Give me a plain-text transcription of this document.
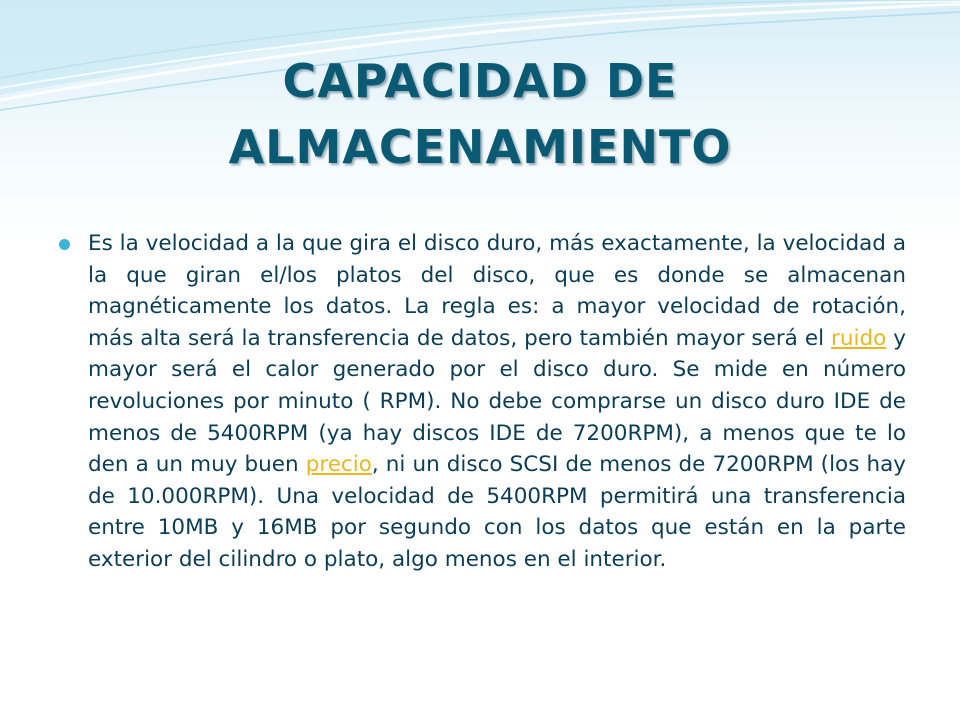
CAPACIDAD DE
ALMACENAMIENTO

Es la velocidad a la que gira el disco duro, más exactamente, la velocidad a la que giran el/los platos del disco, que es donde se almacenan magnéticamente los datos. La regla es: a mayor velocidad de rotación, más alta será la transferencia de datos, pero también mayor será el ruido y mayor será el calor generado por el disco duro. Se mide en número revoluciones por minuto ( RPM). No debe comprarse un disco duro IDE de menos de 5400RPM (ya hay discos IDE de 7200RPM), a menos que te lo den a un muy buen precio, ni un disco SCSI de menos de 7200RPM (los hay de 10.000RPM). Una velocidad de 5400RPM permitirá una transferencia entre 10MB y 16MB por segundo con los datos que están en la parte exterior del cilindro o plato, algo menos en el interior.
